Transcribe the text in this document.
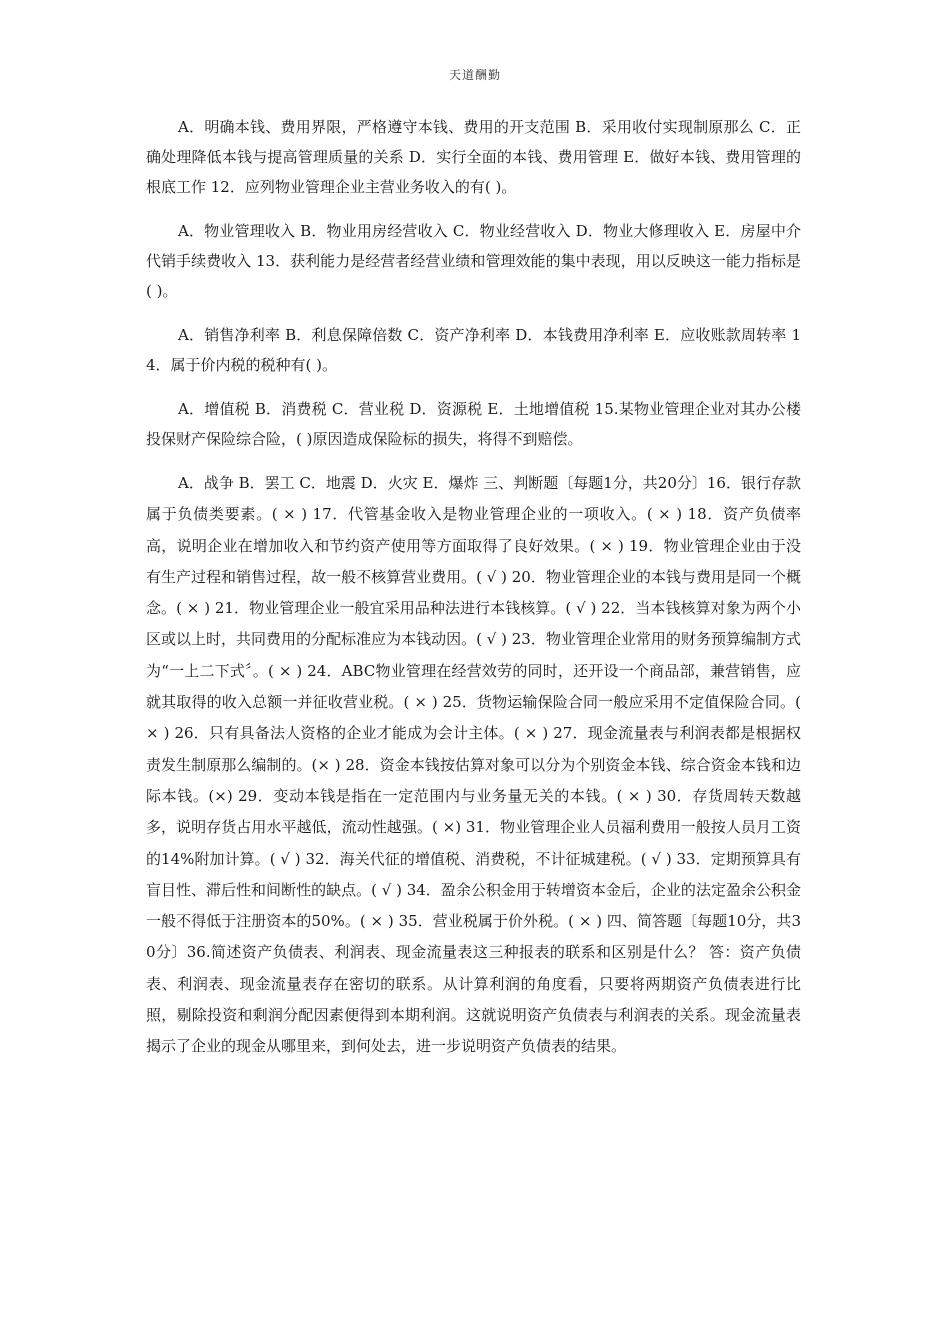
天道酬勤

A．明确本钱、费用界限，严格遵守本钱、费用的开支范围 B．采用收付实现制原那么 C．正确处理降低本钱与提高管理质量的关系 D．实行全面的本钱、费用管理 E．做好本钱、费用管理的根底工作 12．应列物业管理企业主营业务收入的有( )。

A．物业管理收入 B．物业用房经营收入 C．物业经营收入 D．物业大修理收入 E．房屋中介代销手续费收入 13．获利能力是经营者经营业绩和管理效能的集中表现，用以反映这一能力指标是( )。

A．销售净利率 B．利息保障倍数 C．资产净利率 D．本钱费用净利率 E．应收账款周转率 14．属于价内税的税种有( )。

A．增值税 B．消费税 C．营业税 D．资源税 E．土地增值税 15.某物业管理企业对其办公楼投保财产保险综合险，( )原因造成保险标的损失，将得不到赔偿。

A．战争 B．罢工 C．地震 D．火灾 E．爆炸 三、判断题〔每题1分，共20分〕16．银行存款属于负债类要素。( × ) 17．代管基金收入是物业管理企业的一项收入。( × ) 18．资产负债率高，说明企业在增加收入和节约资产使用等方面取得了良好效果。( × ) 19．物业管理企业由于没有生产过程和销售过程，故一般不核算营业费用。( √ ) 20．物业管理企业的本钱与费用是同一个概念。( × ) 21．物业管理企业一般宜采用品种法进行本钱核算。( √ ) 22．当本钱核算对象为两个小区或以上时，共同费用的分配标准应为本钱动因。( √ ) 23．物业管理企业常用的财务预算编制方式为“一上二下式〞。( × ) 24．ABC物业管理在经营效劳的同时，还开设一个商品部，兼营销售，应就其取得的收入总额一并征收营业税。( × ) 25．货物运输保险合同一般应采用不定值保险合同。( × ) 26．只有具备法人资格的企业才能成为会计主体。( × ) 27．现金流量表与利润表都是根据权责发生制原那么编制的。(× ) 28．资金本钱按估算对象可以分为个别资金本钱、综合资金本钱和边际本钱。(×) 29．变动本钱是指在一定范围内与业务量无关的本钱。( × ) 30．存货周转天数越多，说明存货占用水平越低，流动性越强。( ×) 31．物业管理企业人员福利费用一般按人员月工资的14%附加计算。( √ ) 32．海关代征的增值税、消费税，不计征城建税。( √ ) 33．定期预算具有盲目性、滞后性和间断性的缺点。( √ ) 34．盈余公积金用于转增资本金后，企业的法定盈余公积金一般不得低于注册资本的50%。( × ) 35．营业税属于价外税。( × ) 四、简答题〔每题10分，共30分〕36.简述资产负债表、利润表、现金流量表这三种报表的联系和区别是什么？ 答：资产负债表、利润表、现金流量表存在密切的联系。从计算利润的角度看，只要将两期资产负债表进行比照，剔除投资和剩润分配因素便得到本期利润。这就说明资产负债表与利润表的关系。现金流量表揭示了企业的现金从哪里来，到何处去，进一步说明资产负债表的结果。
